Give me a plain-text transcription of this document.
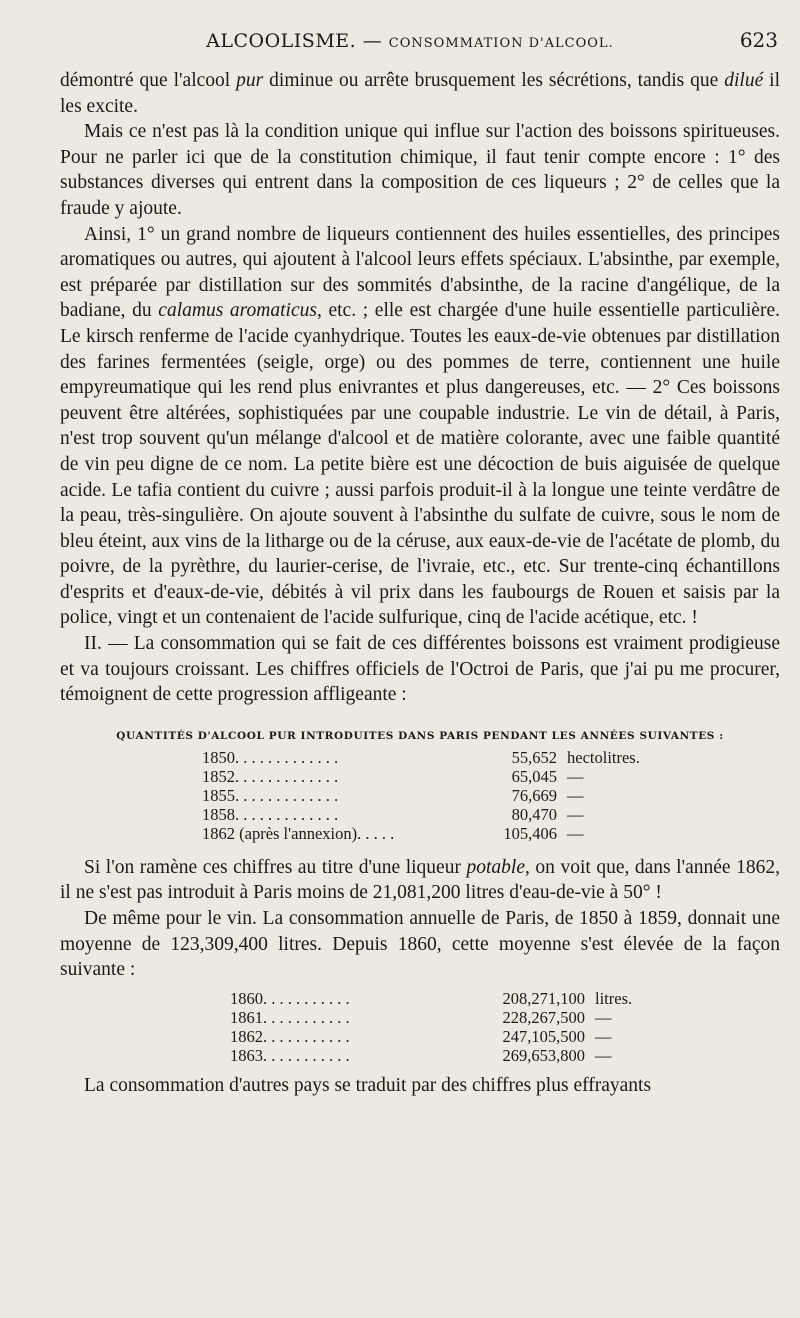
ALCOOLISME. — CONSOMMATION D'ALCOOL.	623

démontré que l'alcool pur diminue ou arrête brusquement les sécrétions, tandis que dilué il les excite.

Mais ce n'est pas là la condition unique qui influe sur l'action des boissons spiritueuses. Pour ne parler ici que de la constitution chimique, il faut tenir compte encore : 1° des substances diverses qui entrent dans la composition de ces liqueurs ; 2° de celles que la fraude y ajoute.

Ainsi, 1° un grand nombre de liqueurs contiennent des huiles essentielles, des principes aromatiques ou autres, qui ajoutent à l'alcool leurs effets spéciaux. L'absinthe, par exemple, est préparée par distillation sur des sommités d'absinthe, de la racine d'angélique, de la badiane, du calamus aromaticus, etc. ; elle est chargée d'une huile essentielle particulière. Le kirsch renferme de l'acide cyanhydrique. Toutes les eaux-de-vie obtenues par distillation des farines fermentées (seigle, orge) ou des pommes de terre, contiennent une huile empyreumatique qui les rend plus enivrantes et plus dangereuses, etc. — 2° Ces boissons peuvent être altérées, sophistiquées par une coupable industrie. Le vin de détail, à Paris, n'est trop souvent qu'un mélange d'alcool et de matière colorante, avec une faible quantité de vin peu digne de ce nom. La petite bière est une décoction de buis aiguisée de quelque acide. Le tafia contient du cuivre ; aussi parfois produit-il à la longue une teinte verdâtre de la peau, très-singulière. On ajoute souvent à l'absinthe du sulfate de cuivre, sous le nom de bleu éteint, aux vins de la litharge ou de la céruse, aux eaux-de-vie de l'acétate de plomb, du poivre, de la pyrèthre, du laurier-cerise, de l'ivraie, etc., etc. Sur trente-cinq échantillons d'esprits et d'eaux-de-vie, débités à vil prix dans les faubourgs de Rouen et saisis par la police, vingt et un contenaient de l'acide sulfurique, cinq de l'acide acétique, etc. !

II. — La consommation qui se fait de ces différentes boissons est vraiment prodigieuse et va toujours croissant. Les chiffres officiels de l'Octroi de Paris, que j'ai pu me procurer, témoignent de cette progression affligeante :

QUANTITÉS D'ALCOOL PUR INTRODUITES DANS PARIS PENDANT LES ANNÉES SUIVANTES :
1850. . . . . . . . . . . . .	55,652	hectolitres.
1852. . . . . . . . . . . . .	65,045	—
1855. . . . . . . . . . . . .	76,669	—
1858. . . . . . . . . . . . .	80,470	—
1862 (après l'annexion). . . . .	105,406	—

Si l'on ramène ces chiffres au titre d'une liqueur potable, on voit que, dans l'année 1862, il ne s'est pas introduit à Paris moins de 21,081,200 litres d'eau-de-vie à 50° !

De même pour le vin. La consommation annuelle de Paris, de 1850 à 1859, donnait une moyenne de 123,309,400 litres. Depuis 1860, cette moyenne s'est élevée de la façon suivante :

1860. . . . . . . . . . .	208,271,100	litres.
1861. . . . . . . . . . .	228,267,500	—
1862. . . . . . . . . . .	247,105,500	—
1863. . . . . . . . . . .	269,653,800	—

La consommation d'autres pays se traduit par des chiffres plus effrayants
